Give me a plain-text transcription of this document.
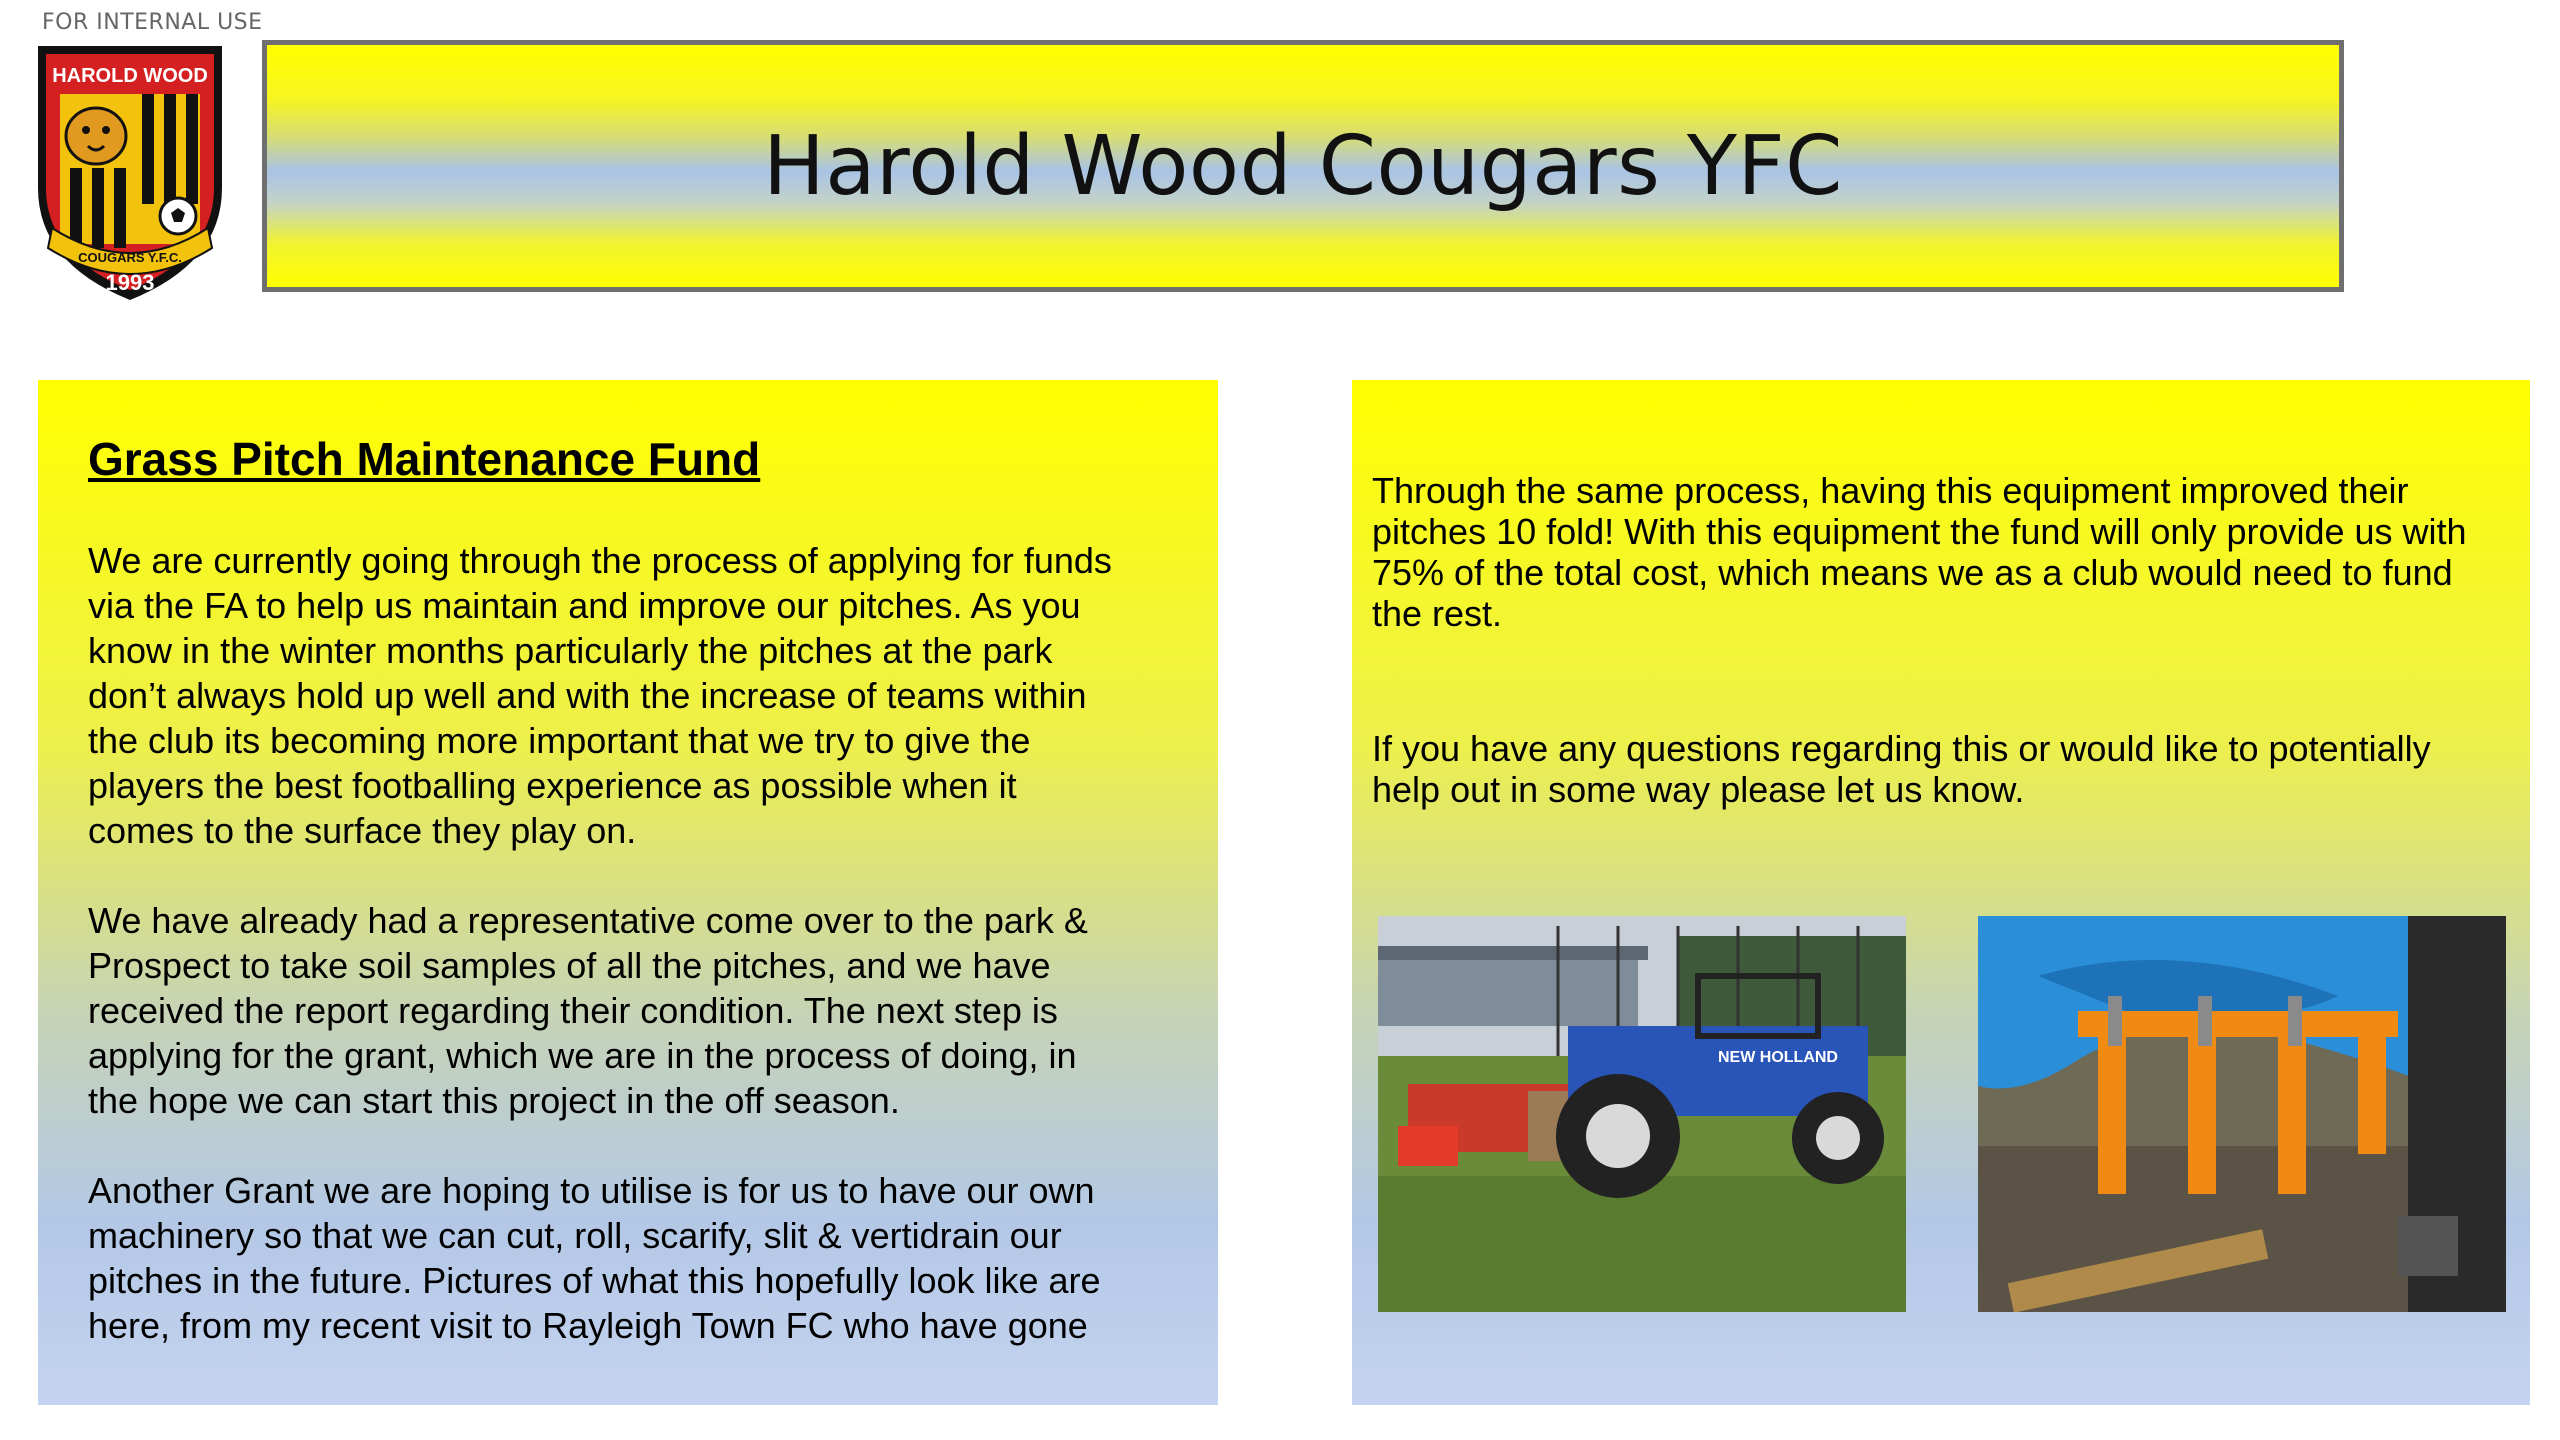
FOR INTERNAL USE
HAROLD WOOD
COUGARS Y.F.C.
1993
Harold Wood Cougars YFC
Grass Pitch Maintenance Fund

We are currently going through the process of applying for funds
via the FA to help us maintain and improve our pitches. As you
know in the winter months particularly the pitches at the park
don’t always hold up well and with the increase of teams within
the club its becoming more important that we try to give the
players the best footballing experience as possible when it
comes to the surface they play on.

We have already had a representative come over to the park &
Prospect to take soil samples of all the pitches, and we have
received the report regarding their condition. The next step is
applying for the grant, which we are in the process of doing, in
the hope we can start this project in the off season.

Another Grant we are hoping to utilise is for us to have our own
machinery so that we can cut, roll, scarify, slit & vertidrain our
pitches in the future. Pictures of what this hopefully look like are
here, from my recent visit to Rayleigh Town FC who have gone

Through the same process, having this equipment improved their
pitches 10 fold! With this equipment the fund will only provide us with
75% of the total cost, which means we as a club would need to fund
the rest.

If you have any questions regarding this or would like to potentially
help out in some way please let us know.

NEW HOLLAND
